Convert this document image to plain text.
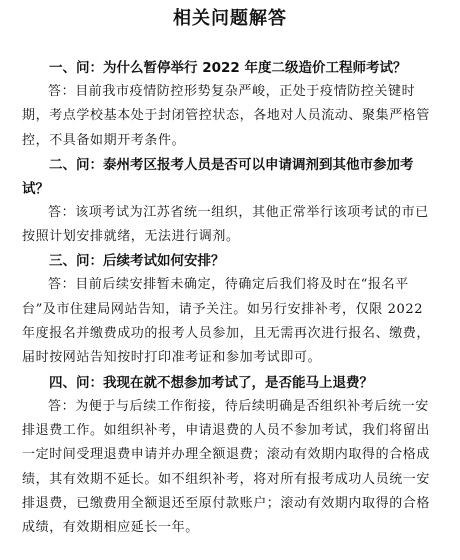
相关问题解答

一、问：为什么暂停举行 2022 年度二级造价工程师考试？

答：目前我市疫情防控形势复杂严峻，正处于疫情防控关键时期，考点学校基本处于封闭管控状态，各地对人员流动、聚集严格管控，不具备如期开考条件。

二、问：泰州考区报考人员是否可以申请调剂到其他市参加考试？

答：该项考试为江苏省统一组织，其他正常举行该项考试的市已按照计划安排就绪，无法进行调剂。

三、问：后续考试如何安排？

答：目前后续安排暂未确定，待确定后我们将及时在“报名平台”及市住建局网站告知，请予关注。如另行安排补考，仅限 2022 年度报名并缴费成功的报考人员参加，且无需再次进行报名、缴费，届时按网站告知按时打印准考证和参加考试即可。

四、问：我现在就不想参加考试了，是否能马上退费？

答：为便于与后续工作衔接，待后续明确是否组织补考后统一安排退费工作。如组织补考，申请退费的人员不参加考试，我们将留出一定时间受理退费申请并办理全额退费；滚动有效期内取得的合格成绩，其有效期不延长。如不组织补考，将对所有报考成功人员统一安排退费，已缴费用全额退还至原付款账户；滚动有效期内取得的合格成绩，有效期相应延长一年。
